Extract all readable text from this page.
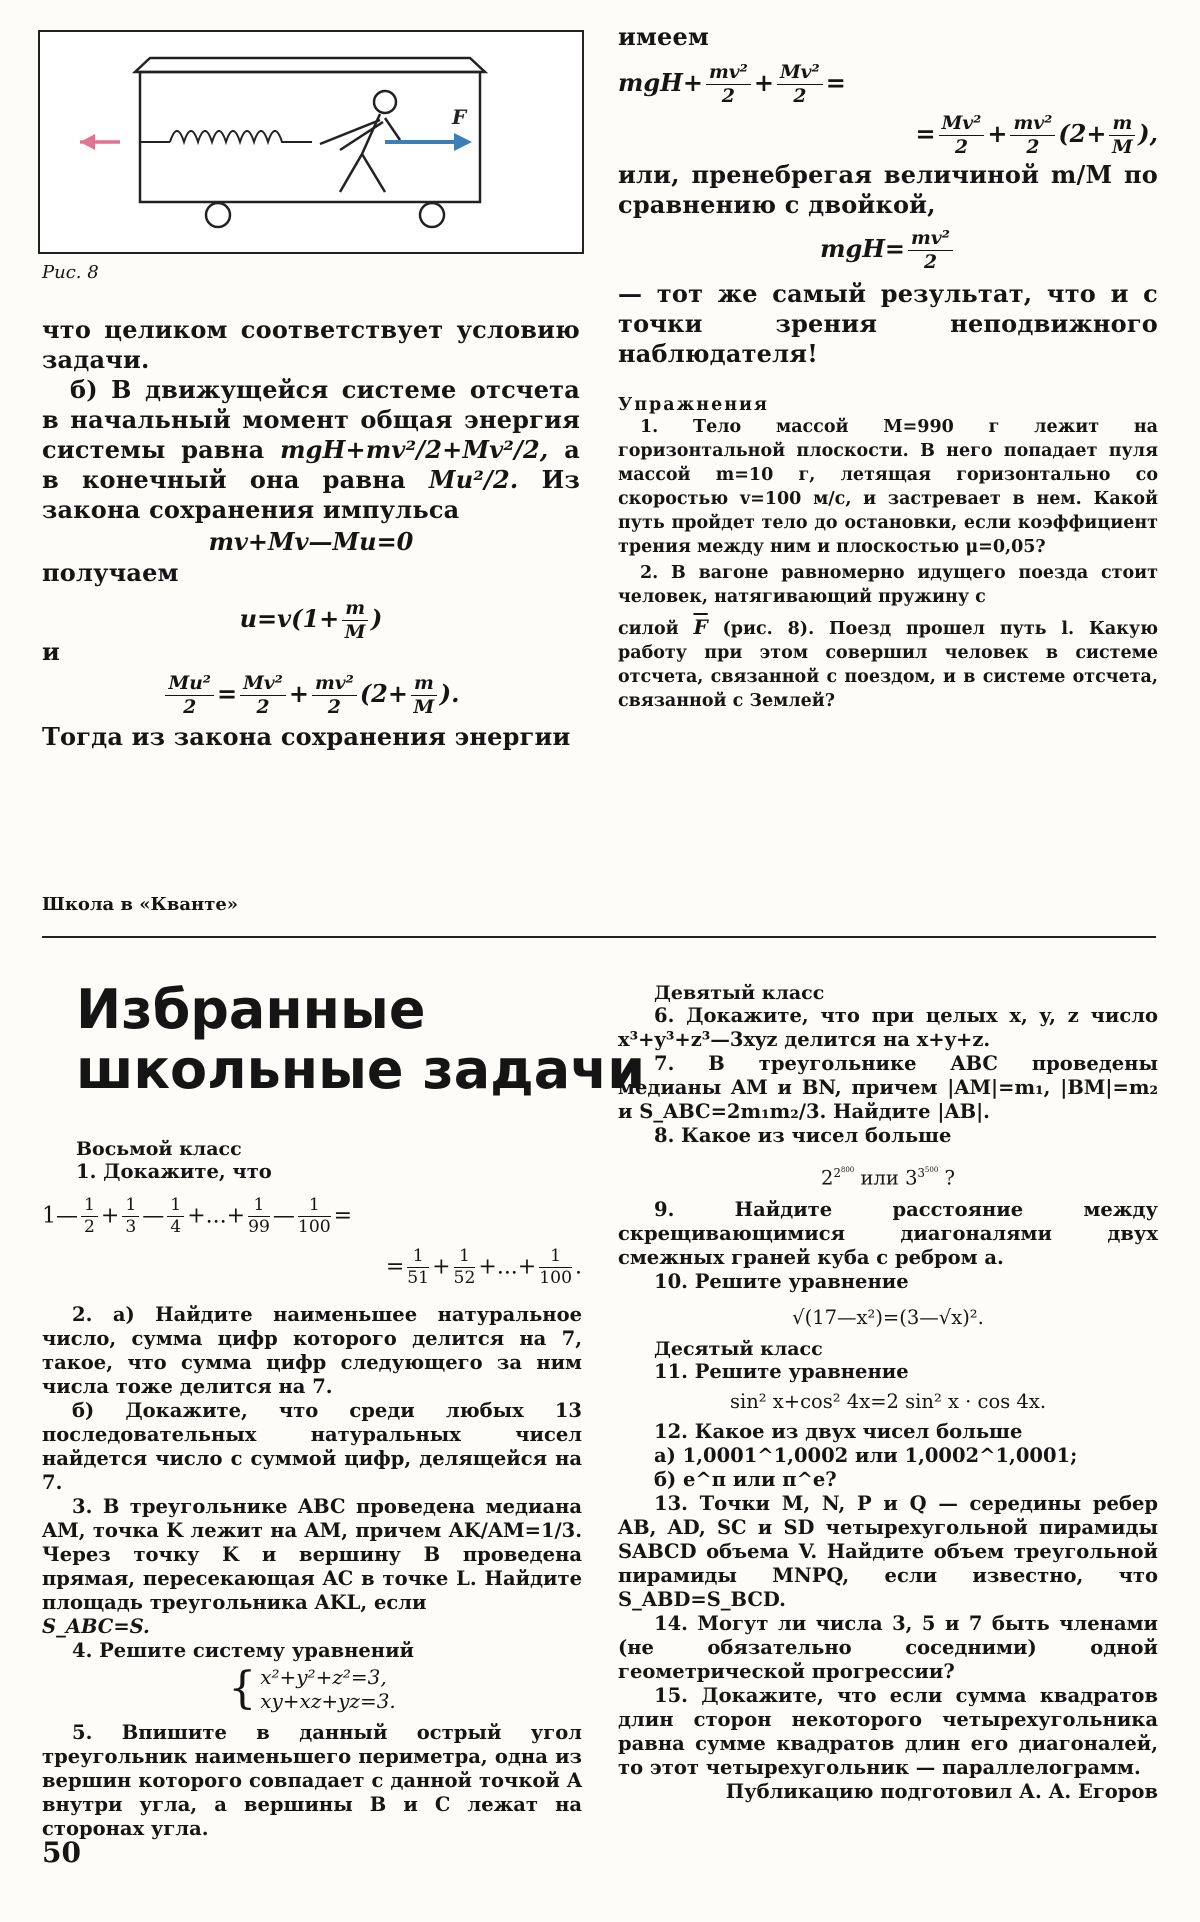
F
Рис. 8

что целиком соответствует условию задачи.

б) В движущейся системе отсчета в начальный момент общая энергия системы равна mgH+mv²/2+Mv²/2, а в конечный она равна Mu²/2. Из закона сохранения импульса

mv+Mv—Mu=0

получаем

$u=v(1+ \frac{m}{M}$ )

и

$\frac{\text{Mu²}}{2} = \frac{\text{Mv²}}{2} + \frac{\text{mv²}}{2} (2+ \frac{m}{M}$ ).

Тогда из закона сохранения энергии

имеем

$mgH+ \frac{\text{mv²}}{2} + \frac{\text{Mv²}}{2}$ =
= $\frac{\text{Mv²}}{2} + \frac{\text{mv²}}{2} (2+ \frac{m}{M}$ ),

или, пренебрегая величиной m/M по сравнению с двойкой,

$mgH= \frac{\text{mv²}}{2}$

— тот же самый результат, что и с точки зрения неподвижного наблюдателя!

Упражнения

1. Тело массой M=990 г лежит на горизонтальной плоскости. В него попадает пуля массой m=10 г, летящая горизонтально со скоростью v=100 м/с, и застревает в нем. Какой путь пройдет тело до остановки, если коэффициент трения между ним и плоскостью μ=0,05?

2. В вагоне равномерно идущего поезда стоит человек, натягивающий пружину с

силой $\overline{F}$ (рис. 8). Поезд прошел путь l. Какую работу при этом совершил человек в системе отсчета, связанной с поездом, и в системе отсчета, связанной с Землей?

Школа в «Кванте»

Избранные

школьные задачи

Восьмой класс

1. Докажите, что

1— $\frac{1}{2} + \frac{1}{3}$ — $\frac{1}{4}$ +...+ $\frac{1}{99}$ — $\frac{1}{100}$ =
= $\frac{1}{51} + \frac{1}{52}$ +...+ $\frac{1}{100}$ .

2. а) Найдите наименьшее натуральное число, сумма цифр которого делится на 7, такое, что сумма цифр следующего за ним числа тоже делится на 7.

б) Докажите, что среди любых 13 последовательных натуральных чисел найдется число с суммой цифр, делящейся на 7.

3. В треугольнике ABC проведена медиана AM, точка K лежит на AM, причем AK/AM=1/3. Через точку K и вершину B проведена прямая, пересекающая AC в точке L. Найдите площадь треугольника AKL, если

S_ABC=S.

4. Решите систему уравнений

{ x²+y²+z²=3,
xy+xz+yz=3.

5. Впишите в данный острый угол треугольник наименьшего периметра, одна из вершин которого совпадает с данной точкой A внутри угла, а вершины B и C лежат на сторонах угла.

Девятый класс

6. Докажите, что при целых x, y, z число x³+y³+z³—3xyz делится на x+y+z.

7. В треугольнике ABC проведены медианы AM и BN, причем |AM|=m₁, |BM|=m₂ и S_ABC=2m₁m₂/3. Найдите |AB|.

8. Какое из чисел больше

$2^{2^{800}}$ или $3^{3^{500}}$ ?

9. Найдите расстояние между скрещивающимися диагоналями двух смежных граней куба с ребром a.

10. Решите уравнение

√(17—x²)=(3—√x)².
Десятый класс

11. Решите уравнение

sin² x+cos² 4x=2 sin² x · cos 4x.

12. Какое из двух чисел больше

а) 1,0001^1,0002 или 1,0002^1,0001;

б) e^π или π^e?

13. Точки M, N, P и Q — середины ребер AB, AD, SC и SD четырехугольной пирамиды SABCD объема V. Найдите объем треугольной пирамиды MNPQ, если известно, что S_ABD=S_BCD.

14. Могут ли числа 3, 5 и 7 быть членами (не обязательно соседними) одной геометрической прогрессии?

15. Докажите, что если сумма квадратов длин сторон некоторого четырехугольника равна сумме квадратов длин его диагоналей, то этот четырехугольник — параллелограмм.

Публикацию подготовил А. А. Егоров

50
